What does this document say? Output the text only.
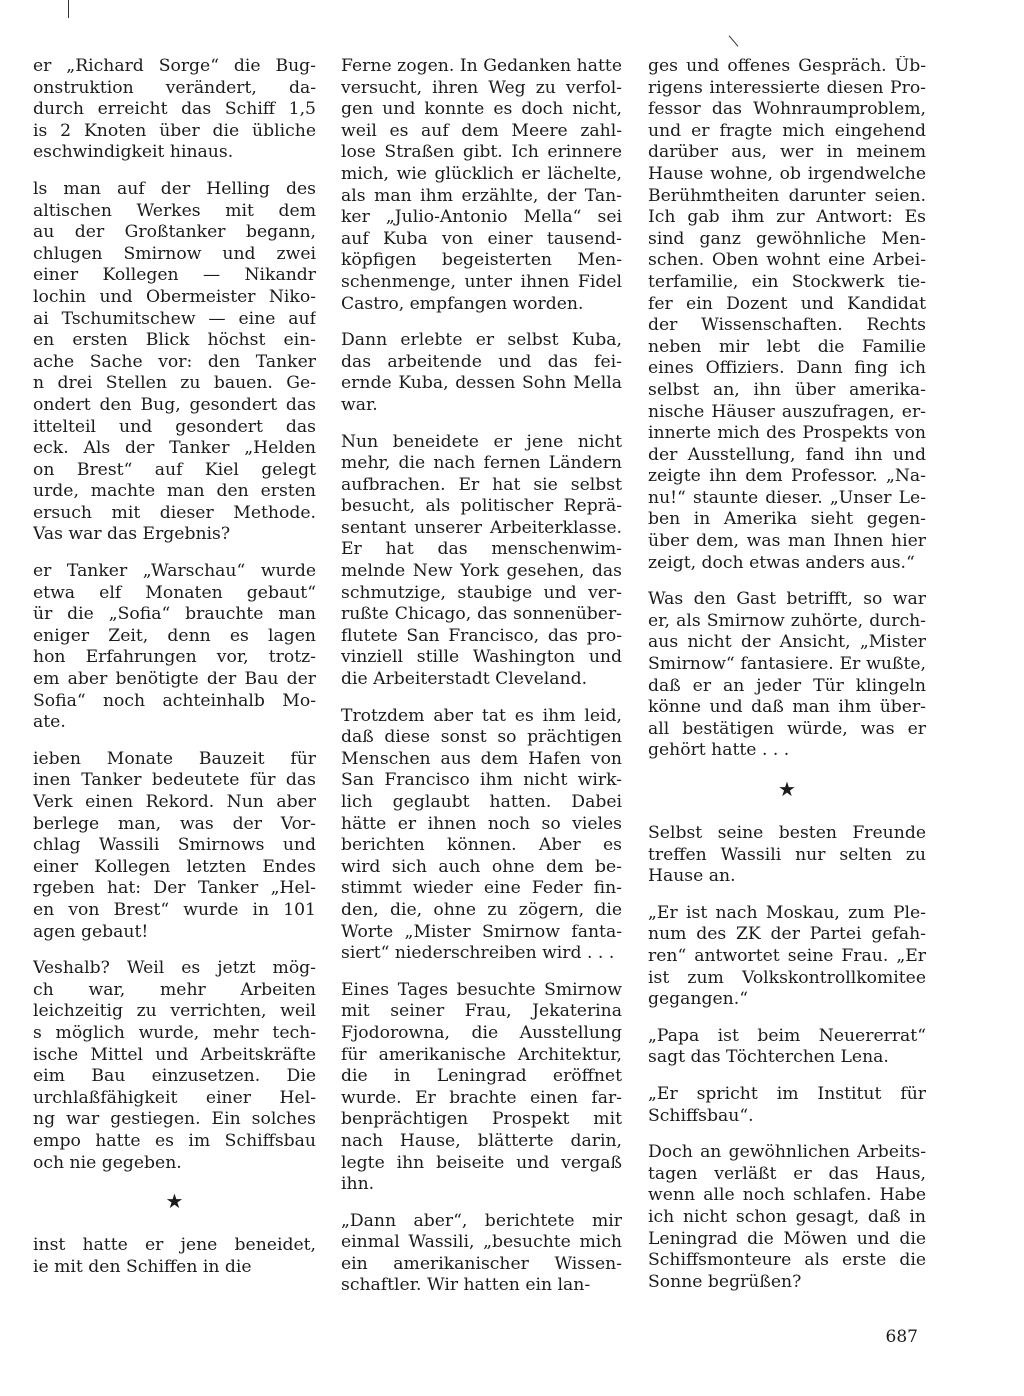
er „Richard Sorge“ die Bug-
onstruktion verändert, da-
durch erreicht das Schiff 1,5
is 2 Knoten über die übliche
eschwindigkeit hinaus.
ls man auf der Helling des
altischen Werkes mit dem
au der Großtanker begann,
chlugen Smirnow und zwei
einer Kollegen — Nikandr
lochin und Obermeister Niko-
ai Tschumitschew — eine auf
en ersten Blick höchst ein-
ache Sache vor: den Tanker
n drei Stellen zu bauen. Ge-
ondert den Bug, gesondert das
ittelteil und gesondert das
eck. Als der Tanker „Helden
on Brest“ auf Kiel gelegt
urde, machte man den ersten
ersuch mit dieser Methode.
Vas war das Ergebnis?
er Tanker „Warschau“ wurde
etwa elf Monaten gebaut“
ür die „Sofia“ brauchte man
eniger Zeit, denn es lagen
hon Erfahrungen vor, trotz-
em aber benötigte der Bau der
Sofia“ noch achteinhalb Mo-
ate.
ieben Monate Bauzeit für
inen Tanker bedeutete für das
Verk einen Rekord. Nun aber
berlege man, was der Vor-
chlag Wassili Smirnows und
einer Kollegen letzten Endes
rgeben hat: Der Tanker „Hel-
en von Brest“ wurde in 101
agen gebaut!
Veshalb? Weil es jetzt mög-
ch war, mehr Arbeiten
leichzeitig zu verrichten, weil
s möglich wurde, mehr tech-
ische Mittel und Arbeitskräfte
eim Bau einzusetzen. Die
urchlaßfähigkeit einer Hel-
ng war gestiegen. Ein solches
empo hatte es im Schiffsbau
och nie gegeben.
★
inst hatte er jene beneidet,
ie mit den Schiffen in die
Ferne zogen. In Gedanken hatte
versucht, ihren Weg zu verfol-
gen und konnte es doch nicht,
weil es auf dem Meere zahl-
lose Straßen gibt. Ich erinnere
mich, wie glücklich er lächelte,
als man ihm erzählte, der Tan-
ker „Julio-Antonio Mella“ sei
auf Kuba von einer tausend-
köpfigen begeisterten Men-
schenmenge, unter ihnen Fidel
Castro, empfangen worden.
Dann erlebte er selbst Kuba,
das arbeitende und das fei-
ernde Kuba, dessen Sohn Mella
war.
Nun beneidete er jene nicht
mehr, die nach fernen Ländern
aufbrachen. Er hat sie selbst
besucht, als politischer Reprä-
sentant unserer Arbeiterklasse.
Er hat das menschenwim-
melnde New York gesehen, das
schmutzige, staubige und ver-
rußte Chicago, das sonnenüber-
flutete San Francisco, das pro-
vinziell stille Washington und
die Arbeiterstadt Cleveland.
Trotzdem aber tat es ihm leid,
daß diese sonst so prächtigen
Menschen aus dem Hafen von
San Francisco ihm nicht wirk-
lich geglaubt hatten. Dabei
hätte er ihnen noch so vieles
berichten können. Aber es
wird sich auch ohne dem be-
stimmt wieder eine Feder fin-
den, die, ohne zu zögern, die
Worte „Mister Smirnow fanta-
siert“ niederschreiben wird . . .
Eines Tages besuchte Smirnow
mit seiner Frau, Jekaterina
Fjodorowna, die Ausstellung
für amerikanische Architektur,
die in Leningrad eröffnet
wurde. Er brachte einen far-
benprächtigen Prospekt mit
nach Hause, blätterte darin,
legte ihn beiseite und vergaß
ihn.
„Dann aber“, berichtete mir
einmal Wassili, „besuchte mich
ein amerikanischer Wissen-
schaftler. Wir hatten ein lan-
ges und offenes Gespräch. Üb-
rigens interessierte diesen Pro-
fessor das Wohnraumproblem,
und er fragte mich eingehend
darüber aus, wer in meinem
Hause wohne, ob irgendwelche
Berühmtheiten darunter seien.
Ich gab ihm zur Antwort: Es
sind ganz gewöhnliche Men-
schen. Oben wohnt eine Arbei-
terfamilie, ein Stockwerk tie-
fer ein Dozent und Kandidat
der Wissenschaften. Rechts
neben mir lebt die Familie
eines Offiziers. Dann fing ich
selbst an, ihn über amerika-
nische Häuser auszufragen, er-
innerte mich des Prospekts von
der Ausstellung, fand ihn und
zeigte ihn dem Professor. „Na-
nu!“ staunte dieser. „Unser Le-
ben in Amerika sieht gegen-
über dem, was man Ihnen hier
zeigt, doch etwas anders aus.“
Was den Gast betrifft, so war
er, als Smirnow zuhörte, durch-
aus nicht der Ansicht, „Mister
Smirnow“ fantasiere. Er wußte,
daß er an jeder Tür klingeln
könne und daß man ihm über-
all bestätigen würde, was er
gehört hatte . . .
★
Selbst seine besten Freunde
treffen Wassili nur selten zu
Hause an.
„Er ist nach Moskau, zum Ple-
num des ZK der Partei gefah-
ren“ antwortet seine Frau. „Er
ist zum Volkskontrollkomitee
gegangen.“
„Papa ist beim Neuererrat“
sagt das Töchterchen Lena.
„Er spricht im Institut für
Schiffsbau“.
Doch an gewöhnlichen Arbeits-
tagen verläßt er das Haus,
wenn alle noch schlafen. Habe
ich nicht schon gesagt, daß in
Leningrad die Möwen und die
Schiffsmonteure als erste die
Sonne begrüßen?
687
